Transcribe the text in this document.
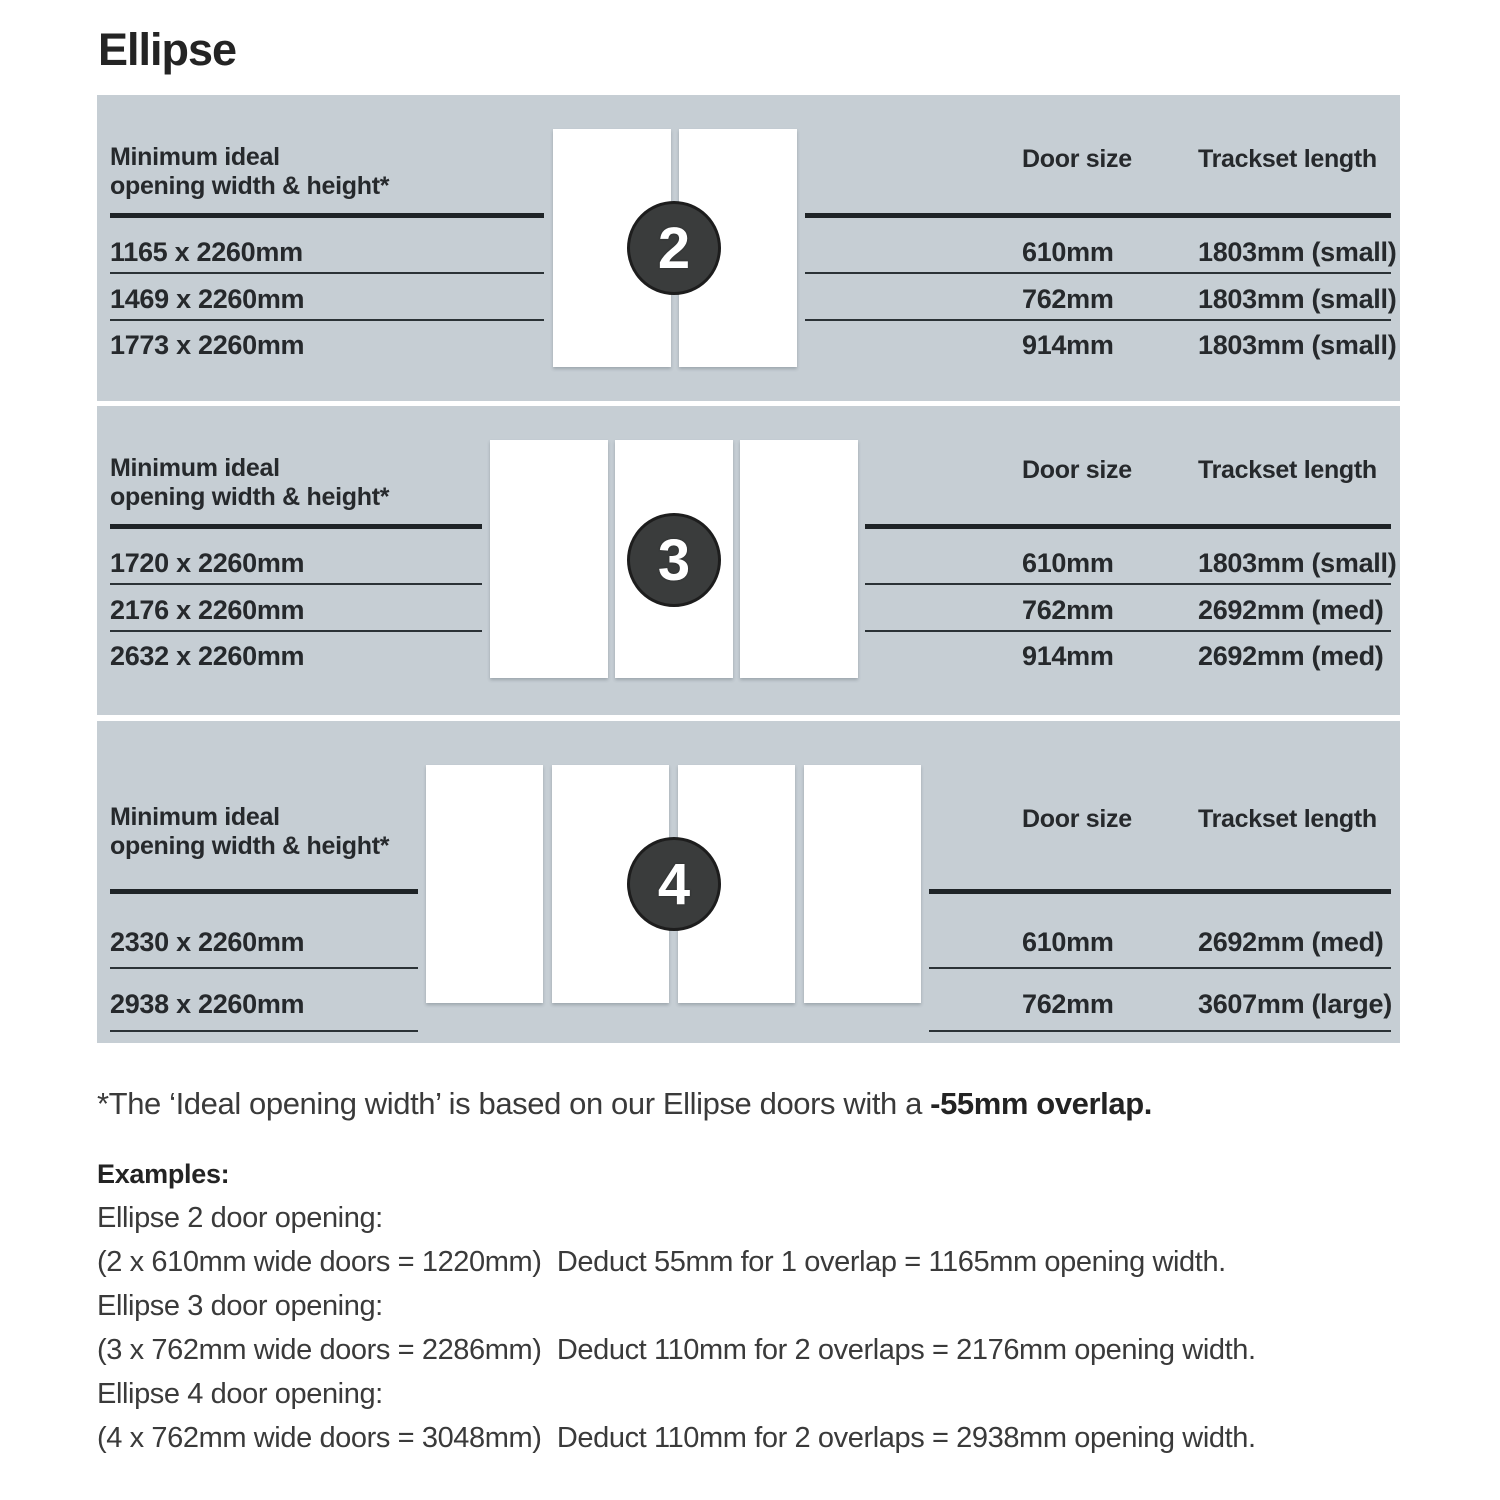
Ellipse
Minimum ideal
opening width & height*
Door size	Trackset length
1165 x 2260mm	610mm	1803mm (small)
1469 x 2260mm	762mm	1803mm (small)
1773 x 2260mm	914mm	1803mm (small)
2
Minimum ideal
opening width & height*
Door size	Trackset length
1720 x 2260mm	610mm	1803mm (small)
2176 x 2260mm	762mm	2692mm (med)
2632 x 2260mm	914mm	2692mm (med)
3
Minimum ideal
opening width & height*
Door size	Trackset length
2330 x 2260mm	610mm	2692mm (med)
2938 x 2260mm	762mm	3607mm (large)
4

*The ‘Ideal opening width’ is based on our Ellipse doors with a -55mm overlap.

Examples:
Ellipse 2 door opening:
(2 x 610mm wide doors = 1220mm)  Deduct 55mm for 1 overlap = 1165mm opening width.
Ellipse 3 door opening:
(3 x 762mm wide doors = 2286mm)  Deduct 110mm for 2 overlaps = 2176mm opening width.
Ellipse 4 door opening:
(4 x 762mm wide doors = 3048mm)  Deduct 110mm for 2 overlaps = 2938mm opening width.
